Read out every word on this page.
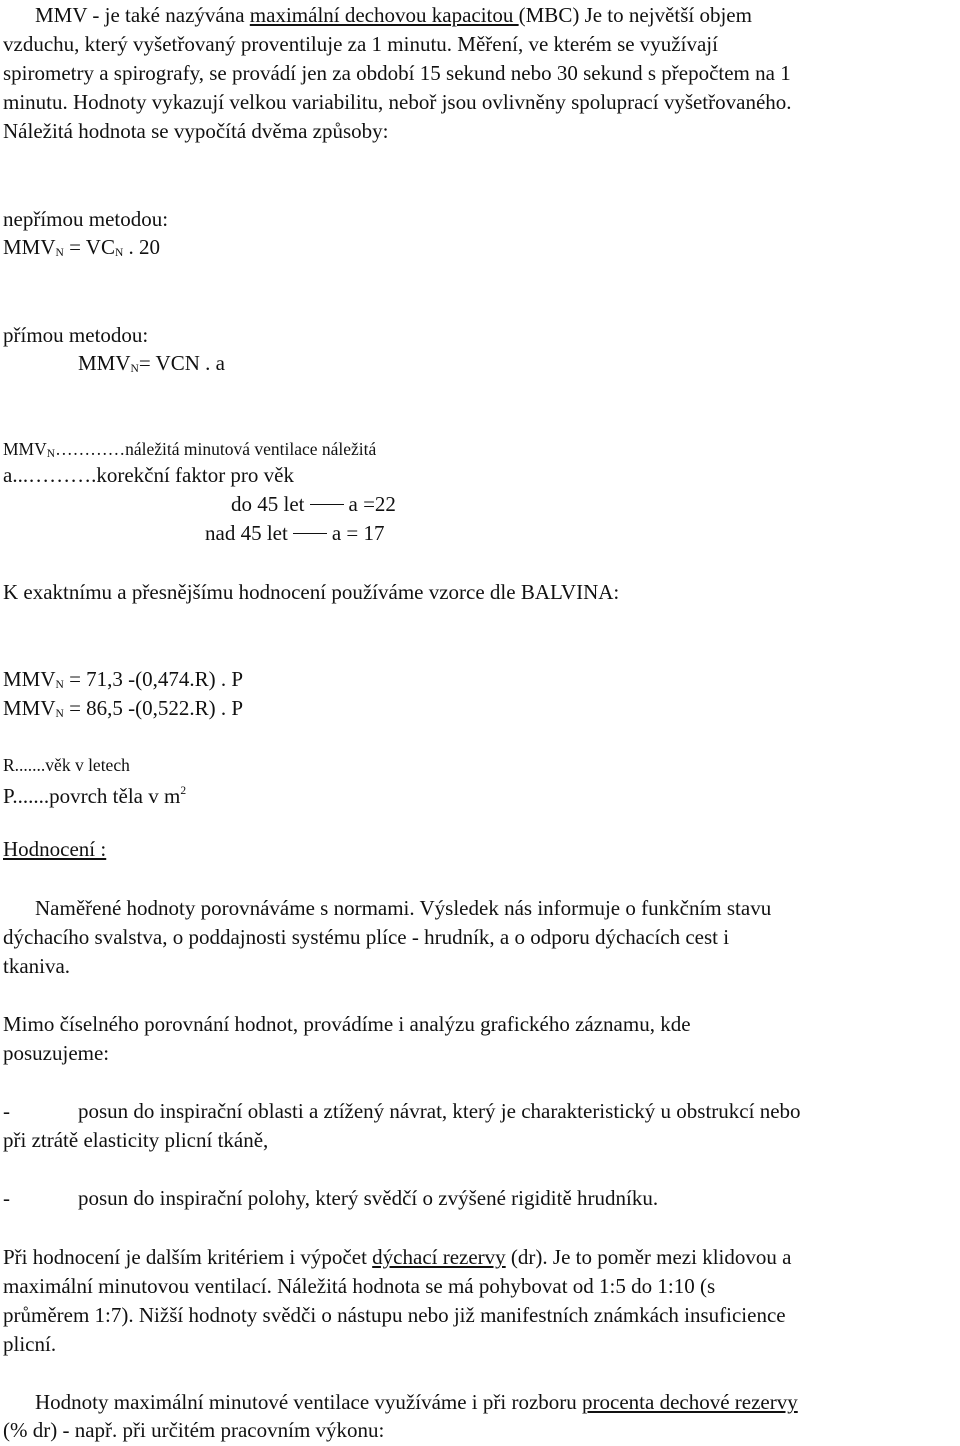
MMV - je také nazývána maximální dechovou kapacitou (MBC) Je to největší objem
vzduchu, který vyšetřovaný proventiluje za 1 minutu. Měření, ve kterém se využívají
spirometry a spirografy, se provádí jen za období 15 sekund nebo 30 sekund s přepočtem na 1
minutu. Hodnoty vykazují velkou variabilitu, neboř jsou ovlivněny spoluprací vyšetřovaného.
Náležitá hodnota se vypočítá dvěma způsoby:
nepřímou metodou:
$MMV_N = VC_N$ . 20
přímou metodou:
$MMV_N=$ VCN . a
$MMV_N\dots\dots\dots\dots náležitá$ minutová ventilace náležitá
a...……….korekční faktor pro věk
do 45 let a =22
nad 45 let a = 17
K exaktnímu a přesnějšímu hodnocení používáme vzorce dle BALVINA:
$MMV_N = 71,3$ -(0,474.R) . P
$MMV_N = 86,5$ -(0,522.R) . P
R.......věk v letech
P.......povrch těla v $m^2$
Hodnocení :
Naměřené hodnoty porovnáváme s normami. Výsledek nás informuje o funkčním stavu
dýchacího svalstva, o poddajnosti systému plíce - hrudník, a o odporu dýchacích cest i
tkaniva.
Mimo číselného porovnání hodnot, provádíme i analýzu grafického záznamu, kde
posuzujeme:
-	posun do inspirační oblasti a ztížený návrat, který je charakteristický u obstrukcí nebo
při ztrátě elasticity plicní tkáně,
-	posun do inspirační polohy, který svědčí o zvýšené rigiditě hrudníku.
Při hodnocení je dalším kritériem i výpočet dýchací rezervy (dr). Je to poměr mezi klidovou a
maximální minutovou ventilací. Náležitá hodnota se má pohybovat od 1:5 do 1:10 (s
průměrem 1:7). Nižší hodnoty svědči o nástupu nebo již manifestních známkách insuficience
plicní.
Hodnoty maximální minutové ventilace využíváme i při rozboru procenta dechové rezervy
(% dr) - např. při určitém pracovním výkonu:
